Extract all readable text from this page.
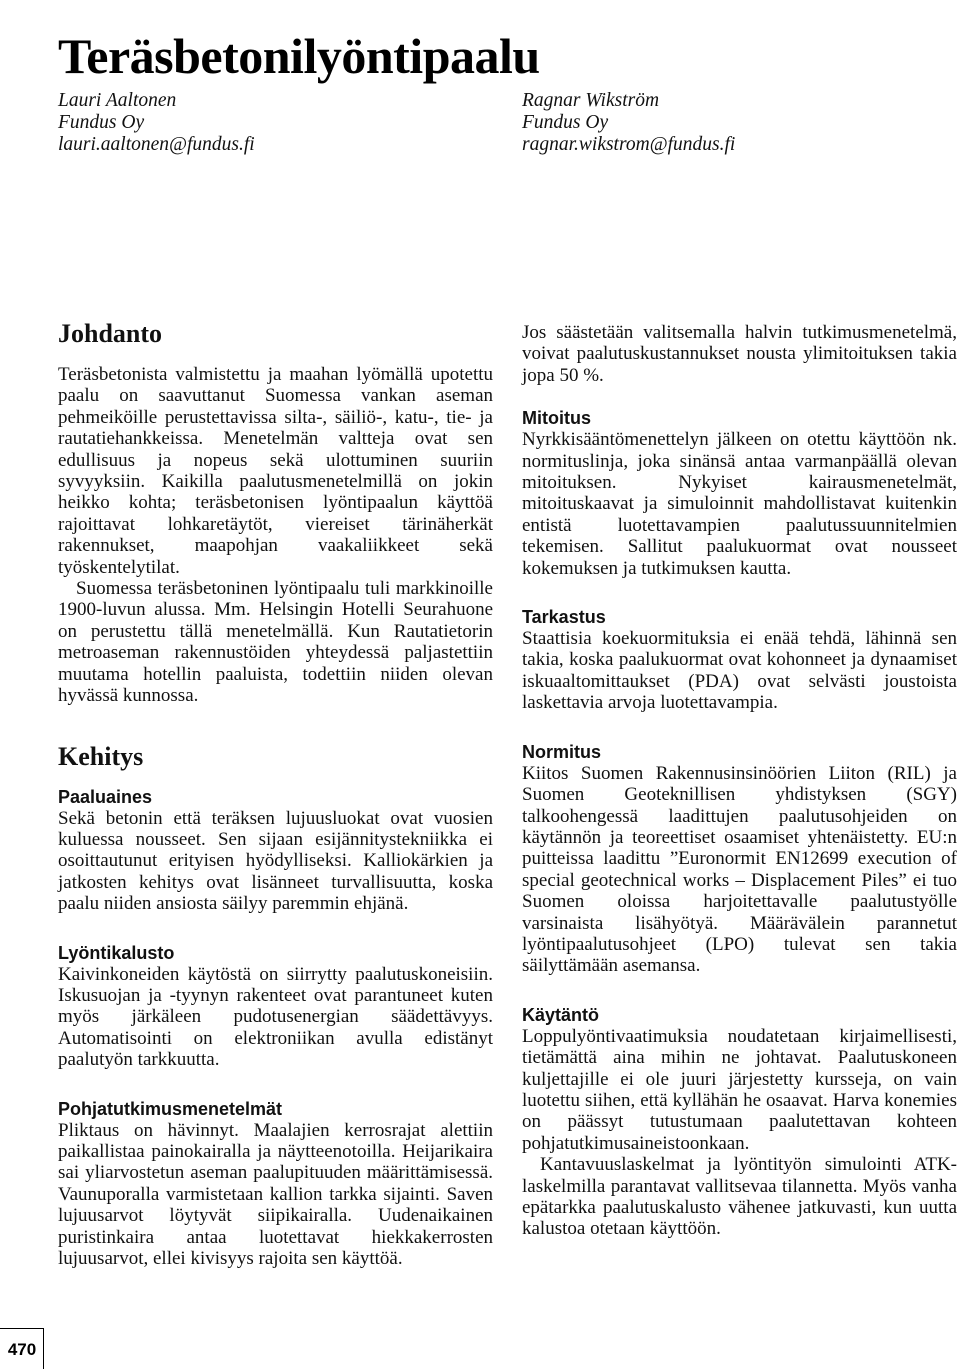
Teräsbetonilyöntipaalu
Lauri Aaltonen
Fundus Oy
lauri.aaltonen@fundus.fi
Ragnar Wikström
Fundus Oy
ragnar.wikstrom@fundus.fi
Johdanto

Teräsbetonista valmistettu ja maahan lyömällä upotettu paalu on saavuttanut Suomessa vankan aseman pehmeiköille perustettavissa silta-, säiliö-, katu-, tie- ja rautatiehankkeissa. Menetelmän valtteja ovat sen edullisuus ja nopeus sekä ulottuminen suuriin syvyyksiin. Kaikilla paalutusmenetelmillä on jokin heikko kohta; teräsbetonisen lyöntipaalun käyttöä rajoittavat lohkaretäytöt, viereiset tärinäherkät rakennukset, maapohjan vaakaliikkeet sekä työskentelytilat.

Suomessa teräsbetoninen lyöntipaalu tuli markkinoille 1900-luvun alussa. Mm. Helsingin Hotelli Seurahuone on perustettu tällä menetelmällä. Kun Rautatietorin metroaseman rakennustöiden yhteydessä paljastettiin muutama hotellin paaluista, todettiin niiden olevan hyvässä kunnossa.

Kehitys
Paaluaines

Sekä betonin että teräksen lujuusluokat ovat vuosien kuluessa nousseet. Sen sijaan esijännitystekniikka ei osoittautunut erityisen hyödylliseksi. Kalliokärkien ja jatkosten kehitys ovat lisänneet turvallisuutta, koska paalu niiden ansiosta säilyy paremmin ehjänä.

Lyöntikalusto

Kaivinkoneiden käytöstä on siirrytty paalutuskoneisiin. Iskusuojan ja -tyynyn rakenteet ovat parantuneet kuten myös järkäleen pudotusenergian säädettävyys. Automatisointi on elektroniikan avulla edistänyt paalutyön tarkkuutta.

Pohjatutkimusmenetelmät

Pliktaus on hävinnyt. Maalajien kerrosrajat alettiin paikallistaa painokairalla ja näytteenotoilla. Heijarikaira sai yliarvostetun aseman paalupituuden määrittämisessä. Vaunuporalla varmistetaan kallion tarkka sijainti. Saven lujuusarvot löytyvät siipikairalla. Uudenaikainen puristinkaira antaa luotettavat hiekkakerrosten lujuusarvot, ellei kivisyys rajoita sen käyttöä.

Jos säästetään valitsemalla halvin tutkimusmenetelmä, voivat paalutuskustannukset nousta ylimitoituksen takia jopa 50 %.

Mitoitus

Nyrkkisääntömenettelyn jälkeen on otettu käyttöön nk. normituslinja, joka sinänsä antaa varmanpäällä olevan mitoituksen. Nykyiset kairausmenetelmät, mitoituskaavat ja simuloinnit mahdollistavat kuitenkin entistä luotettavampien paalutussuunnitelmien tekemisen. Sallitut paalukuormat ovat nousseet kokemuksen ja tutkimuksen kautta.

Tarkastus

Staattisia koekuormituksia ei enää tehdä, lähinnä sen takia, koska paalukuormat ovat kohonneet ja dynaamiset iskuaaltomittaukset (PDA) ovat selvästi joustoista laskettavia arvoja luotettavampia.

Normitus

Kiitos Suomen Rakennusinsinöörien Liiton (RIL) ja Suomen Geoteknillisen yhdistyksen (SGY) talkoohengessä laadittujen paalutusohjeiden on käytännön ja teoreettiset osaamiset yhtenäistetty. EU:n puitteissa laadittu ”Euronormit EN12699 execution of special geotechnical works – Displacement Piles” ei tuo Suomen oloissa harjoitettavalle paalutustyölle varsinaista lisähyötyä. Määrävälein parannetut lyöntipaalutusohjeet (LPO) tulevat sen takia säilyttämään asemansa.

Käytäntö

Loppulyöntivaatimuksia noudatetaan kirjaimellisesti, tietämättä aina mihin ne johtavat. Paalutuskoneen kuljettajille ei ole juuri järjestetty kursseja, on vain luotettu siihen, että kyllähän he osaavat. Harva konemies on päässyt tutustumaan paalutettavan kohteen pohjatutkimusaineistoonkaan.

Kantavuuslaskelmat ja lyöntityön simulointi ATK-laskelmilla parantavat vallitsevaa tilannetta. Myös vanha epätarkka paalutuskalusto vähenee jatkuvasti, kun uutta kalustoa otetaan käyttöön.

470
